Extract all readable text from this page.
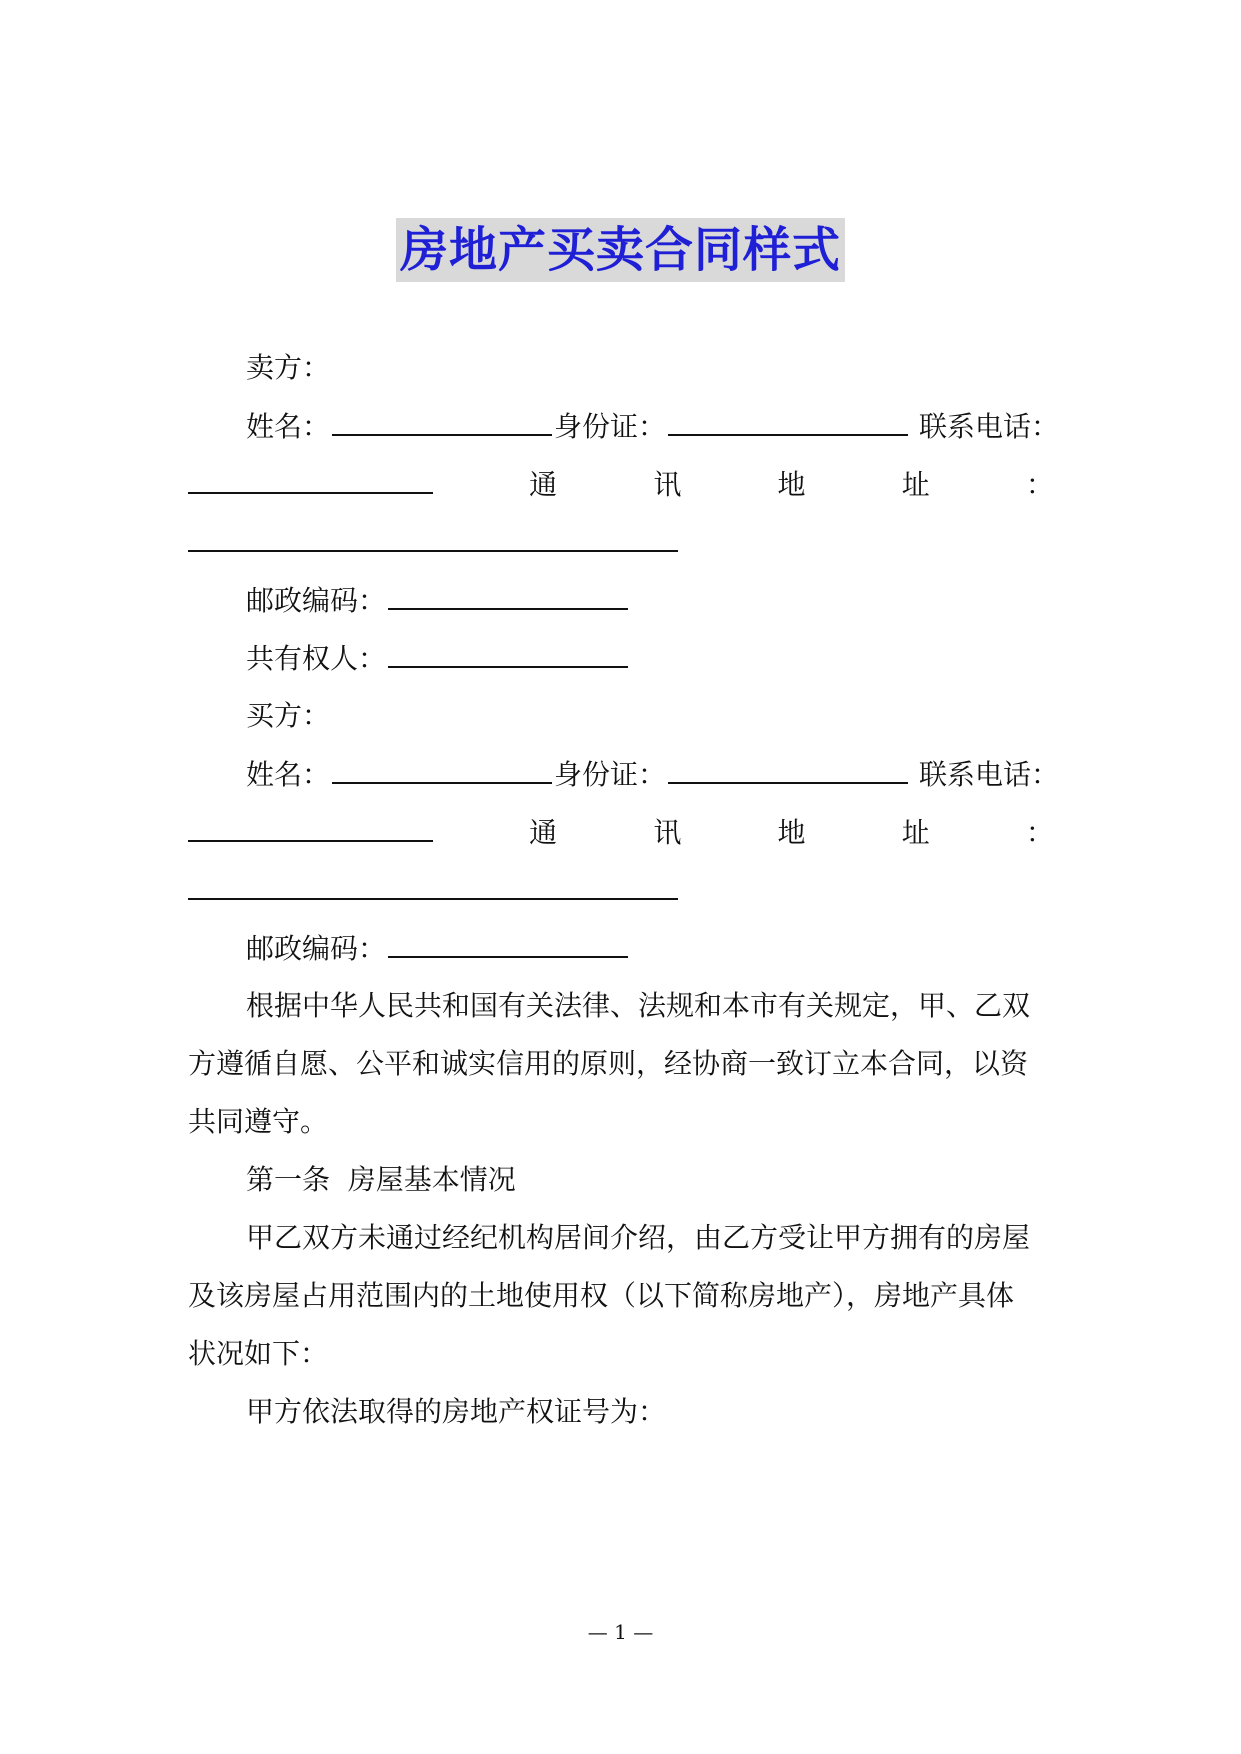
房地产买卖合同样式
卖方：
姓名：	身份证：	联系电话：
通	讯	地	址	：
邮政编码：
共有权人：
买方：
姓名：	身份证：	联系电话：
通	讯	地	址	：
邮政编码：
根据中华人民共和国有关法律、法规和本市有关规定，甲、乙双
方遵循自愿、公平和诚实信用的原则，经协商一致订立本合同，以资
共同遵守。
第一条  房屋基本情况
甲乙双方未通过经纪机构居间介绍，由乙方受让甲方拥有的房屋
及该房屋占用范围内的土地使用权（以下简称房地产），房地产具体
状况如下：
甲方依法取得的房地产权证号为：
— 1 —
